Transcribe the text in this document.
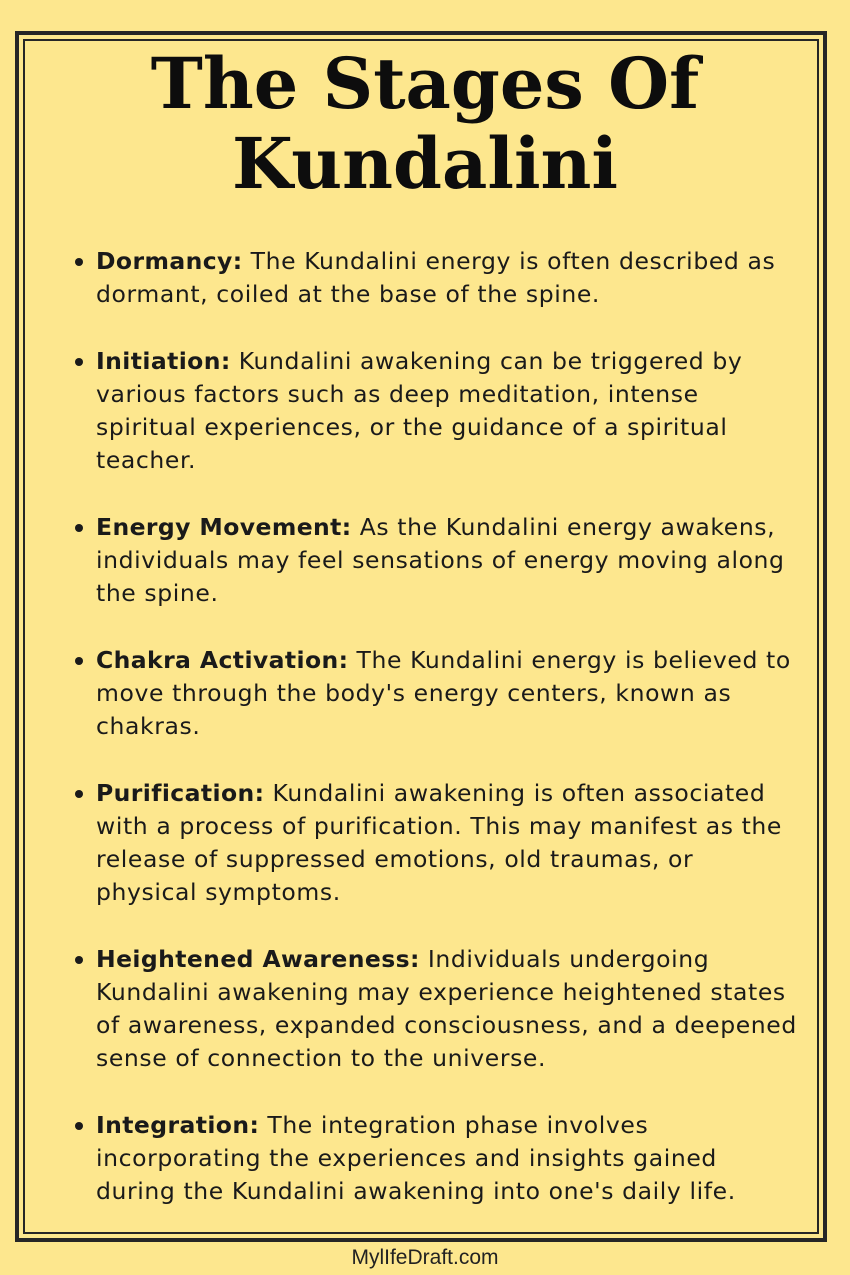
The Stages Of Kundalini
Dormancy: The Kundalini energy is often described as dormant, coiled at the base of the spine.
Initiation: Kundalini awakening can be triggered by various factors such as deep meditation, intense spiritual experiences, or the guidance of a spiritual teacher.
Energy Movement: As the Kundalini energy awakens, individuals may feel sensations of energy moving along the spine.
Chakra Activation: The Kundalini energy is believed to move through the body's energy centers, known as chakras.
Purification: Kundalini awakening is often associated with a process of purification. This may manifest as the release of suppressed emotions, old traumas, or physical symptoms.
Heightened Awareness: Individuals undergoing Kundalini awakening may experience heightened states of awareness, expanded consciousness, and a deepened sense of connection to the universe.
Integration: The integration phase involves incorporating the experiences and insights gained during the Kundalini awakening into one's daily life.
MylIfeDraft.com
